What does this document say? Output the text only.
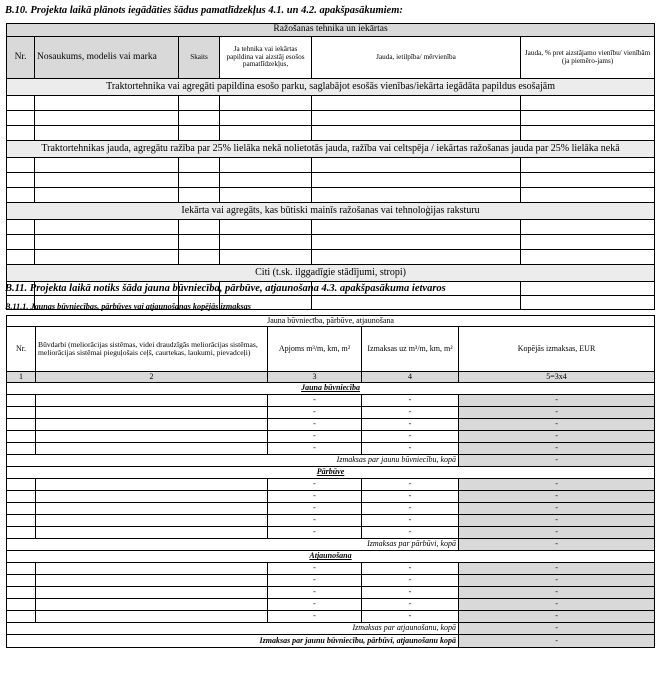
B.10. Projekta laikā plānots iegādāties šādus pamatlīdzekļus 4.1. un 4.2. apakšpasākumiem:
Ražošanas tehnika un iekārtas					
Nr.	Nosaukums, modelis vai marka	Skaits	Ja tehnika vai iekārtas papildina vai aizstāj esošos pamatlīdzekļus,	Jauda, ietilpība/ mērvienība	Jauda, % pret aizstājamo vienību/ vienībām (ja piemēro-jams)
Traktortehnika vai agregāti papildina esošo parku, saglabājot esošās vienības/iekārta iegādāta papildus esošajām					

Traktortehnikas jauda, agregātu ražība par 25% lielāka nekā nolietotās jauda, ražība vai celtspēja / iekārtas ražošanas jauda par 25% lielāka nekā					

Iekārta vai agregāts, kas būtiski mainīs ražošanas vai tehnoloģijas raksturu					

Citi (t.sk. ilggadīgie stādījumi, stropi)					

B.11. Projekta laikā notiks šāda jauna būvniecība, pārbūve, atjaunošana 4.3. apakšpasākuma ietvaros
B.11.1. Jaunas būvniecības, pārbūves vai atjaunošanas kopējās izmaksas
Jauna būvniecība, pārbūve, atjaunošana				
Nr.	Būvdarbi (meliorācijas sistēmas, videi draudzīgās meliorācijas sistēmas, meliorācijas sistēmai pieguļošais ceļš, caurtekas, laukumi, pievadceļi)	Apjoms m³/m, km, m²	Izmaksas uz m³/m, km, m²	Kopējās izmaksas, EUR
1	2	3	4	5=3x4
Jauna būvniecība				
		-	-	-
		-	-	-
		-	-	-
		-	-	-
		-	-	-
Izmaksas par jaunu būvniecību, kopā				-
Pārbūve				
		-	-	-
		-	-	-
		-	-	-
		-	-	-
		-	-	-
Izmaksas par pārbūvi, kopā				-
Atjaunošana				
		-	-	-
		-	-	-
		-	-	-
		-	-	-
		-	-	-
Izmaksas par atjaunošanu, kopā				-
Izmaksas par jaunu būvniecību, pārbūvi, atjaunošanu kopā				-
